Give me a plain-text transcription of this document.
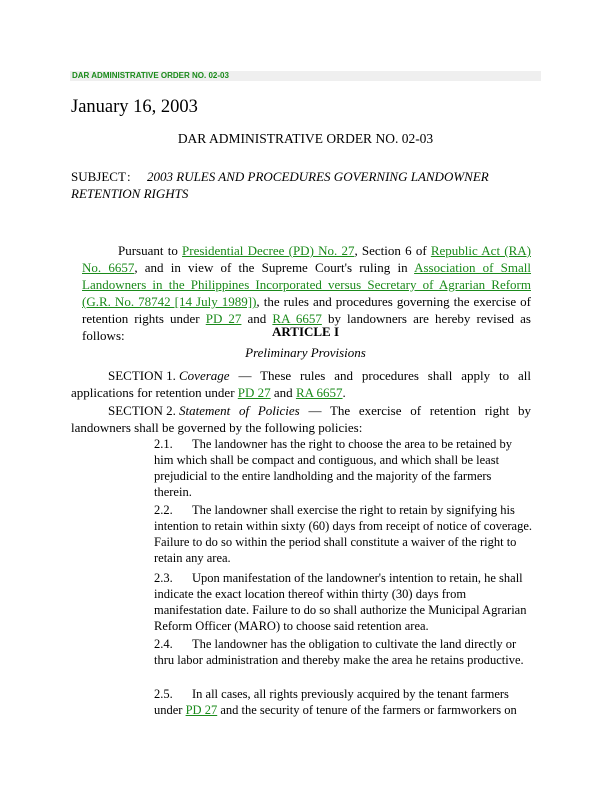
DAR ADMINISTRATIVE ORDER NO. 02-03
January 16, 2003
DAR ADMINISTRATIVE ORDER NO. 02-03
SUBJECT: 2003 RULES AND PROCEDURES GOVERNING LANDOWNER RETENTION RIGHTS

Pursuant to Presidential Decree (PD) No. 27, Section 6 of Republic Act (RA) No. 6657, and in view of the Supreme Court's ruling in Association of Small Landowners in the Philippines Incorporated versus Secretary of Agrarian Reform (G.R. No. 78742 [14 July 1989]), the rules and procedures governing the exercise of retention rights under PD 27 and RA 6657 by landowners are hereby revised as follows:	ARTICLE I
Preliminary Provisions

SECTION 1. Coverage — These rules and procedures shall apply to all applications for retention under PD 27 and RA 6657.

SECTION 2. Statement of Policies — The exercise of retention right by landowners shall be governed by the following policies:

2.1. The landowner has the right to choose the area to be retained by him which shall be compact and contiguous, and which shall be least prejudicial to the entire landholding and the majority of the farmers therein.

2.2. The landowner shall exercise the right to retain by signifying his intention to retain within sixty (60) days from receipt of notice of coverage. Failure to do so within the period shall constitute a waiver of the right to retain any area.

2.3. Upon manifestation of the landowner's intention to retain, he shall indicate the exact location thereof within thirty (30) days from manifestation date. Failure to do so shall authorize the Municipal Agrarian Reform Officer (MARO) to choose said retention area.

2.4. The landowner has the obligation to cultivate the land directly or thru labor administration and thereby make the area he retains productive.

2.5. In all cases, all rights previously acquired by the tenant farmers under PD 27 and the security of tenure of the farmers or farmworkers on
